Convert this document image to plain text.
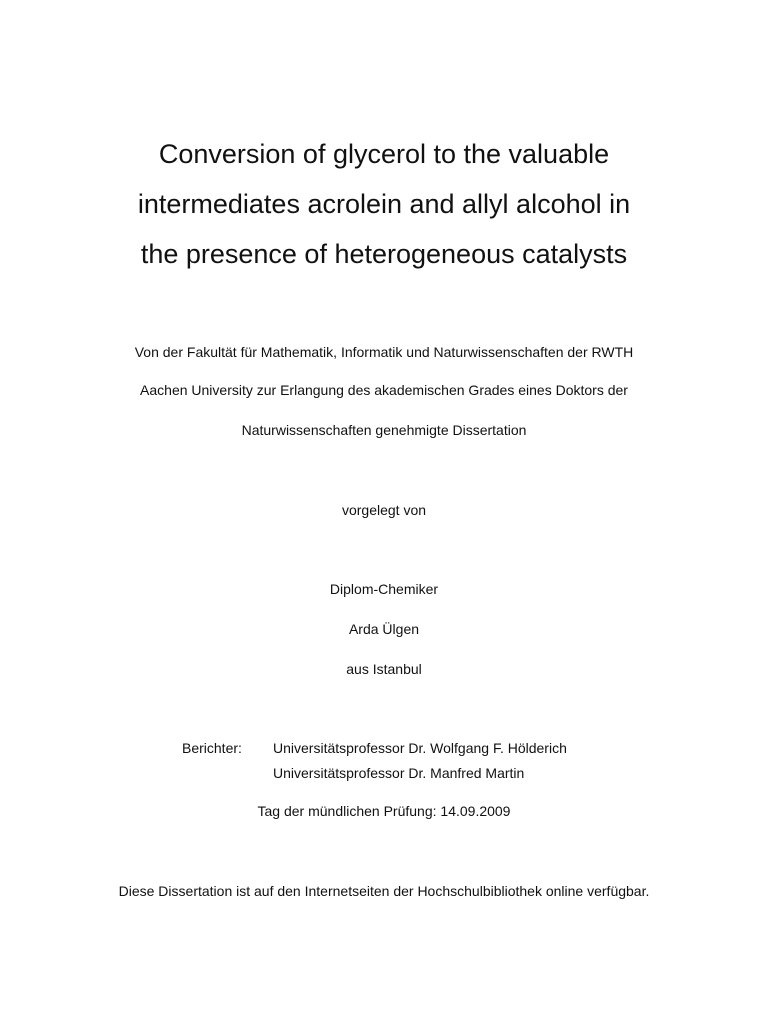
Conversion of glycerol to the valuable
intermediates acrolein and allyl alcohol in
the presence of heterogeneous catalysts
Von der Fakultät für Mathematik, Informatik und Naturwissenschaften der RWTH
Aachen University zur Erlangung des akademischen Grades eines Doktors der
Naturwissenschaften genehmigte Dissertation
vorgelegt von
Diplom-Chemiker
Arda Ülgen
aus Istanbul
Berichter: Universitätsprofessor Dr. Wolfgang F. Hölderich
Universitätsprofessor Dr. Manfred Martin
Tag der mündlichen Prüfung: 14.09.2009
Diese Dissertation ist auf den Internetseiten der Hochschulbibliothek online verfügbar.
